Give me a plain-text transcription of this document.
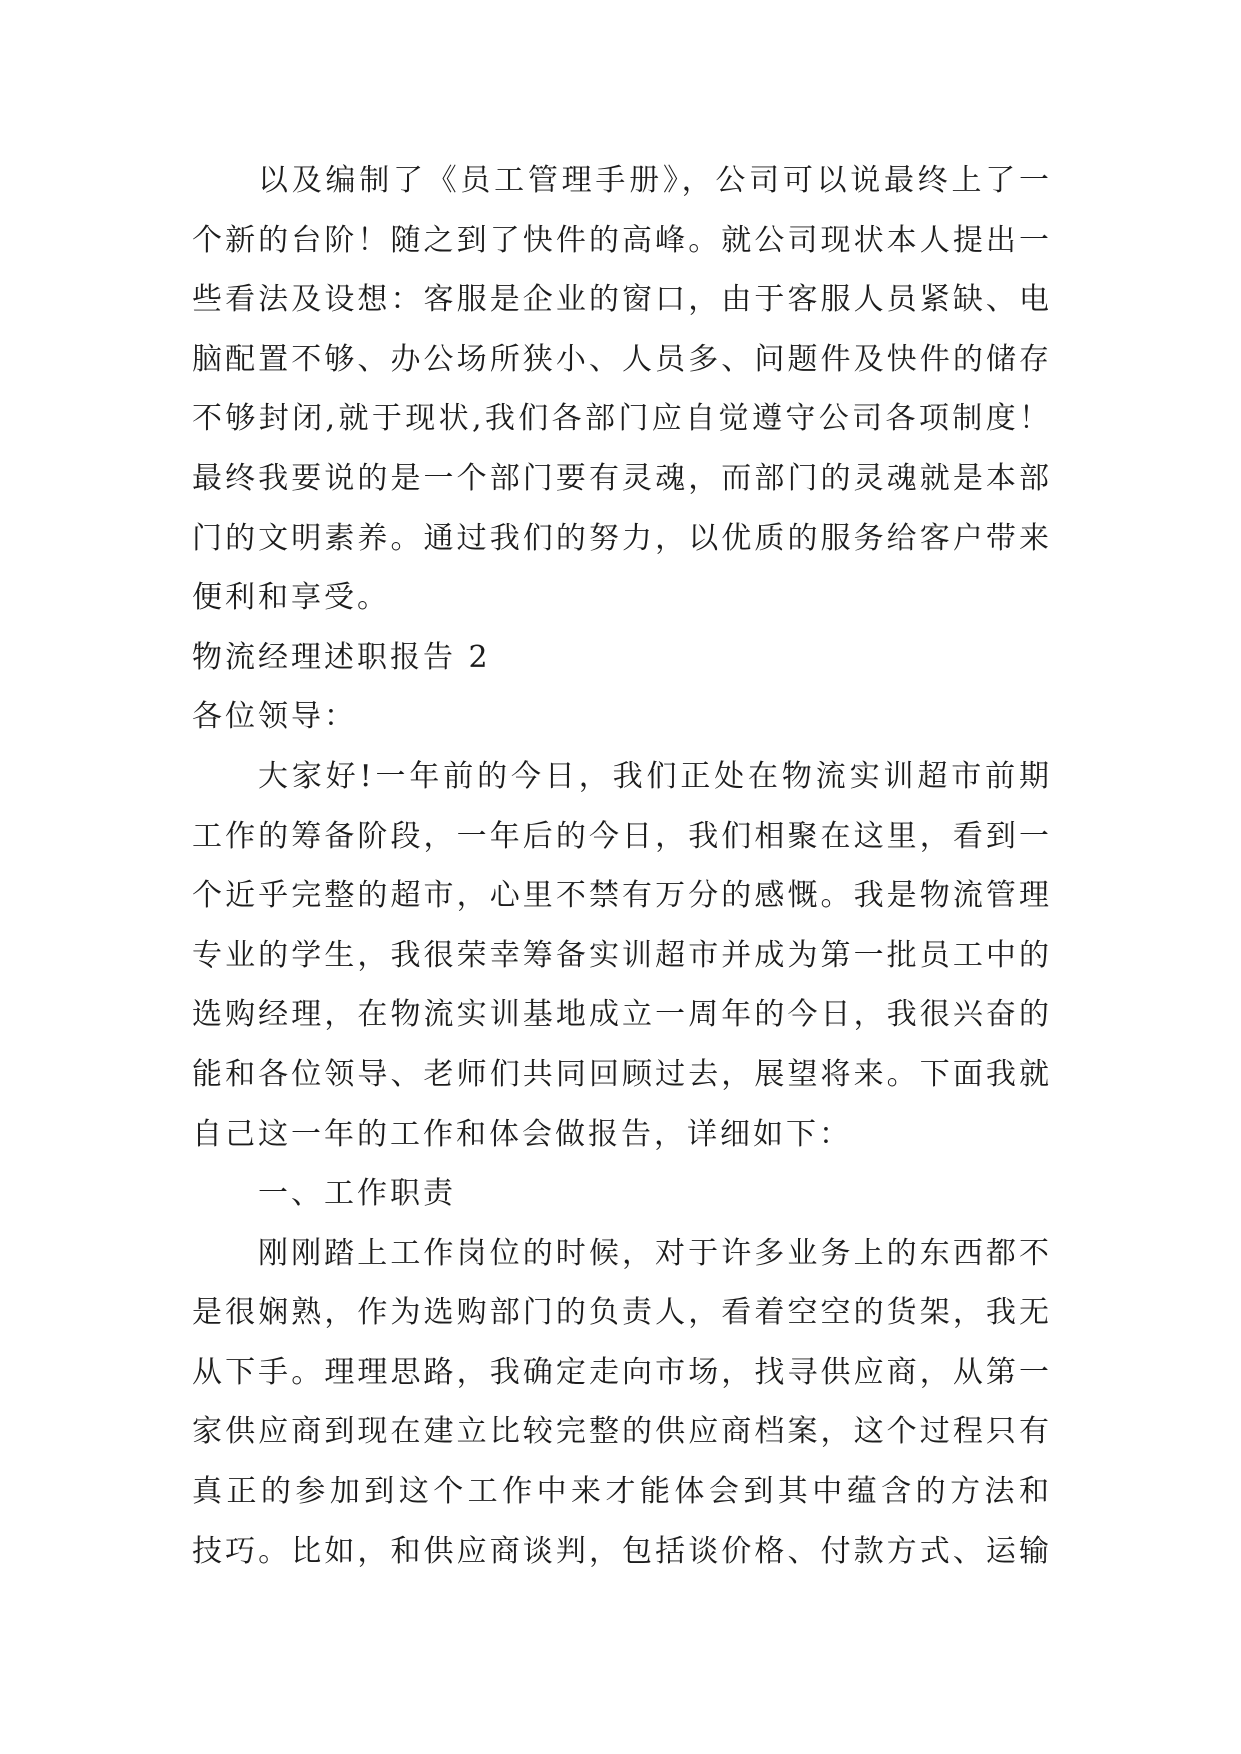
以及编制了《员工管理手册》，公司可以说最终上了一
个新的台阶！随之到了快件的高峰。就公司现状本人提出一
些看法及设想：客服是企业的窗口，由于客服人员紧缺、电
脑配置不够、办公场所狭小、人员多、问题件及快件的储存
不够封闭,就于现状,我们各部门应自觉遵守公司各项制度！
最终我要说的是一个部门要有灵魂，而部门的灵魂就是本部
门的文明素养。通过我们的努力，以优质的服务给客户带来
便利和享受。
物流经理述职报告 2
各位领导：
大家好!一年前的今日，我们正处在物流实训超市前期
工作的筹备阶段，一年后的今日，我们相聚在这里，看到一
个近乎完整的超市，心里不禁有万分的感慨。我是物流管理
专业的学生，我很荣幸筹备实训超市并成为第一批员工中的
选购经理，在物流实训基地成立一周年的今日，我很兴奋的
能和各位领导、老师们共同回顾过去，展望将来。下面我就
自己这一年的工作和体会做报告，详细如下：
一、工作职责
刚刚踏上工作岗位的时候，对于许多业务上的东西都不
是很娴熟，作为选购部门的负责人，看着空空的货架，我无
从下手。理理思路，我确定走向市场，找寻供应商，从第一
家供应商到现在建立比较完整的供应商档案，这个过程只有
真正的参加到这个工作中来才能体会到其中蕴含的方法和
技巧。比如，和供应商谈判，包括谈价格、付款方式、运输
